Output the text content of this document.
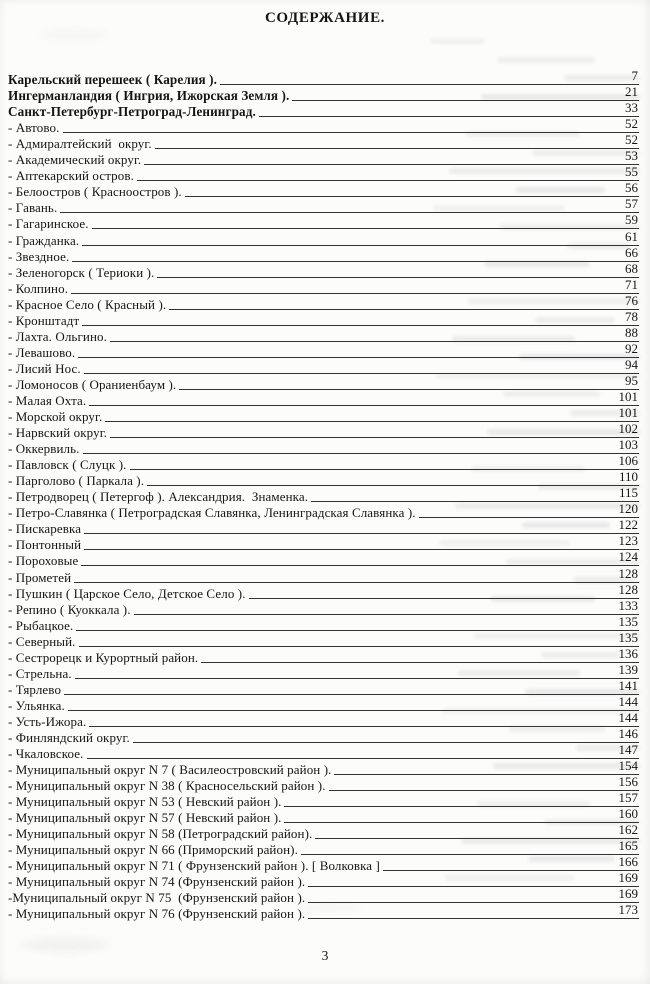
СОДЕРЖАНИЕ.
Карельский перешеек ( Карелия ).	7
Ингерманландия ( Ингрия, Ижорская Земля ).	21
Санкт-Петербург-Петроград-Ленинград.	33
- Автово.	52
- Адмиралтейский  округ.	52
- Академический округ.	53
- Аптекарский остров.	55
- Белоостров ( Красноостров ).	56
- Гавань.	57
- Гагаринское.	59
- Гражданка.	61
- Звездное.	66
- Зеленогорск ( Териоки ).	68
- Колпино.	71
- Красное Село ( Красный ).	76
- Кронштадт	78
- Лахта. Ольгино.	88
- Левашово.	92
- Лисий Нос.	94
- Ломоносов ( Ораниенбаум ).	95
- Малая Охта.	101
- Морской округ.	101
- Нарвский округ.	102
- Оккервиль.	103
- Павловск ( Слуцк ).	106
- Парголово ( Паркала ).	110
- Петродворец ( Петергоф ). Александрия.  Знаменка.	115
- Петро-Славянка ( Петроградская Славянка, Ленинградская Славянка ).	120
- Пискаревка	122
- Понтонный	123
- Пороховые	124
- Прометей	128
- Пушкин ( Царское Село, Детское Село ).	128
- Репино ( Куоккала ).	133
- Рыбацкое.	135
- Северный.	135
- Сестрорецк и Курортный район.	136
- Стрельна.	139
- Тярлево	141
- Ульянка.	144
- Усть-Ижора.	144
- Финляндский округ.	146
- Чкаловское.	147
- Муниципальный округ N 7 ( Василеостровский район ).	154
- Муниципальный округ N 38 ( Красносельский район ).	156
- Муниципальный округ N 53 ( Невский район ).	157
- Муниципальный округ N 57 ( Невский район ).	160
- Муниципальный округ N 58 (Петроградский район).	162
- Муниципальный округ N 66 (Приморский район).	165
- Муниципальный округ N 71 ( Фрунзенский район ). [ Волковка ]	166
- Муниципальный округ N 74 (Фрунзенский район ).	169
-Муниципальный округ N 75  (Фрунзенский район ).	169
- Муниципальный округ N 76 (Фрунзенский район ).	173
3
